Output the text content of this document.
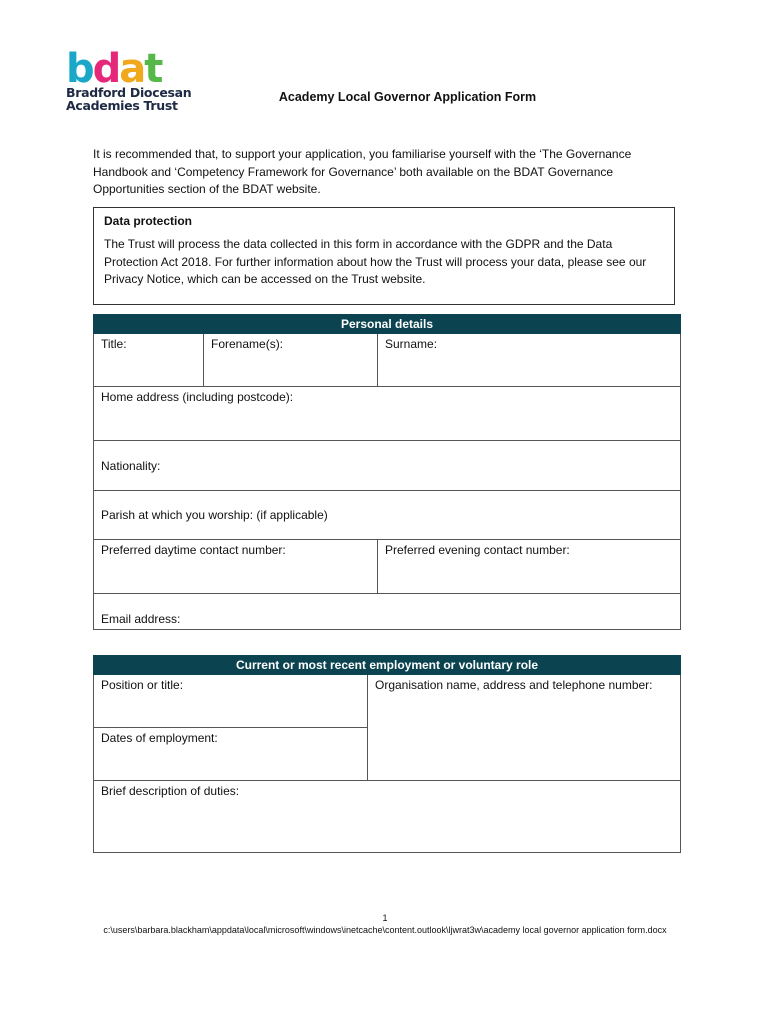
b d a t
Bradford Diocesan
Academies Trust
Academy Local Governor Application Form
It is recommended that, to support your application, you familiarise yourself with the ‘The Governance Handbook and ‘Competency Framework for Governance’ both available on the BDAT Governance Opportunities section of the BDAT website.
Data protection
The Trust will process the data collected in this form in accordance with the GDPR and the Data Protection Act 2018. For further information about how the Trust will process your data, please see our Privacy Notice, which can be accessed on the Trust website.
Personal details		
Title:	Forename(s):	Surname:
Home address (including postcode):		
Nationality:		
Parish at which you worship: (if applicable)		
Preferred daytime contact number:		Preferred evening contact number:
Email address:		
Current or most recent employment or voluntary role
Position or title:	Organisation name, address and telephone number:
Dates of employment:
Brief description of duties:
1
c:\users\barbara.blackham\appdata\local\microsoft\windows\inetcache\content.outlook\ljwrat3w\academy local governor application form.docx
